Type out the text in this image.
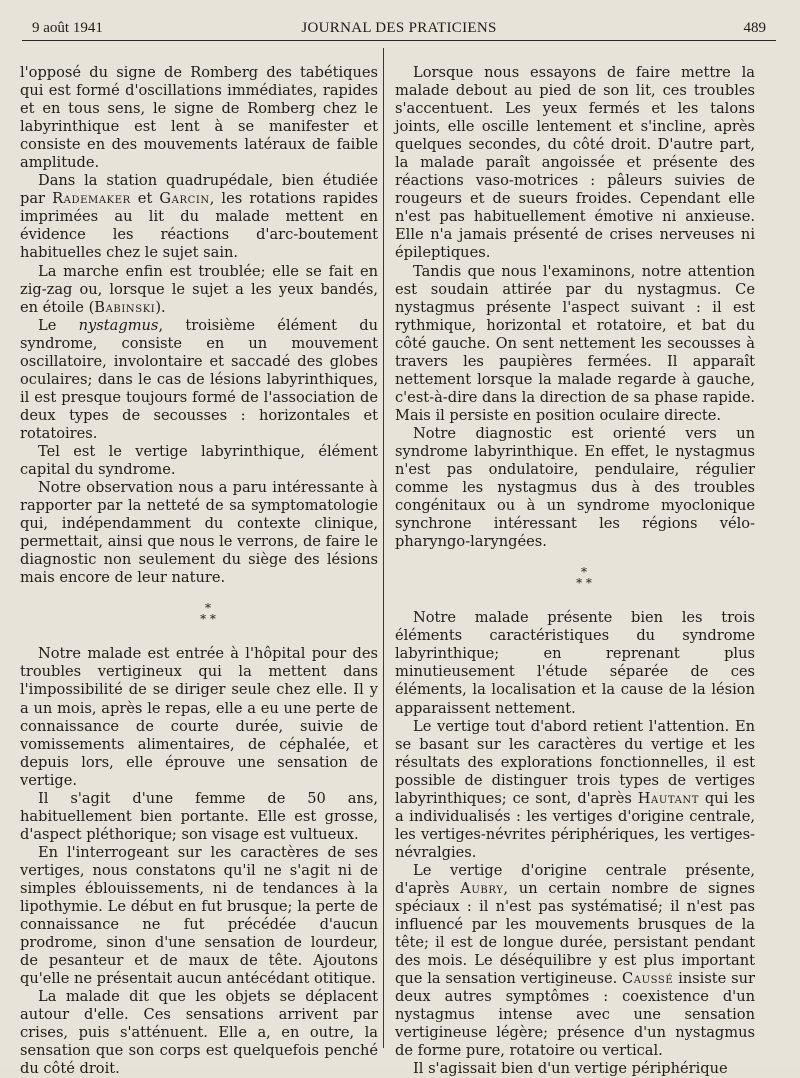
9 août 1941	JOURNAL DES PRATICIENS	489

l'opposé du signe de Romberg des tabétiques qui est formé d'oscillations immédiates, rapides et en tous sens, le signe de Romberg chez le labyrinthique est lent à se manifester et consiste en des mouvements latéraux de faible amplitude.

Dans la station quadrupédale, bien étudiée par Rademaker et Garcin, les rotations rapides imprimées au lit du malade mettent en évidence les réactions d'arc-boutement habituelles chez le sujet sain.

La marche enfin est troublée; elle se fait en zig-zag ou, lorsque le sujet a les yeux bandés, en étoile (Babinski).

Le nystagmus, troisième élément du syndrome, consiste en un mouvement oscillatoire, involontaire et saccadé des globes oculaires; dans le cas de lésions labyrinthiques, il est presque toujours formé de l'association de deux types de secousses : horizontales et rotatoires.

Tel est le vertige labyrinthique, élément capital du syndrome.

Notre observation nous a paru intéressante à rapporter par la netteté de sa symptomatologie qui, indépendamment du contexte clinique, permettait, ainsi que nous le verrons, de faire le diagnostic non seulement du siège des lésions mais encore de leur nature.

*

* *

Notre malade est entrée à l'hôpital pour des troubles vertigineux qui la mettent dans l'impossibilité de se diriger seule chez elle. Il y a un mois, après le repas, elle a eu une perte de connaissance de courte durée, suivie de vomissements alimentaires, de céphalée, et depuis lors, elle éprouve une sensation de vertige.

Il s'agit d'une femme de 50 ans, habituellement bien portante. Elle est grosse, d'aspect pléthorique; son visage est vultueux.

En l'interrogeant sur les caractères de ses vertiges, nous constatons qu'il ne s'agit ni de simples éblouissements, ni de tendances à la lipothymie. Le début en fut brusque; la perte de connaissance ne fut précédée d'aucun prodrome, sinon d'une sensation de lourdeur, de pesanteur et de maux de tête. Ajoutons qu'elle ne présentait aucun antécédant otitique.

La malade dit que les objets se déplacent autour d'elle. Ces sensations arrivent par crises, puis s'atténuent. Elle a, en outre, la sensation que son corps est quelquefois penché du côté droit.

Lorsque nous essayons de faire mettre la malade debout au pied de son lit, ces troubles s'accentuent. Les yeux fermés et les talons joints, elle oscille lentement et s'incline, après quelques secondes, du côté droit. D'autre part, la malade paraît angoissée et présente des réactions vaso-motrices : pâleurs suivies de rougeurs et de sueurs froides. Cependant elle n'est pas habituellement émotive ni anxieuse. Elle n'a jamais présenté de crises nerveuses ni épileptiques.

Tandis que nous l'examinons, notre attention est soudain attirée par du nystagmus. Ce nystagmus présente l'aspect suivant : il est rythmique, horizontal et rotatoire, et bat du côté gauche. On sent nettement les secousses à travers les paupières fermées. Il apparaît nettement lorsque la malade regarde à gauche, c'est-à-dire dans la direction de sa phase rapide. Mais il persiste en position oculaire directe.

Notre diagnostic est orienté vers un syndrome labyrinthique. En effet, le nystagmus n'est pas ondulatoire, pendulaire, régulier comme les nystagmus dus à des troubles congénitaux ou à un syndrome myoclonique synchrone intéressant les régions vélo-pharyngo-laryngées.

*

* *

Notre malade présente bien les trois éléments caractéristiques du syndrome labyrinthique; en reprenant plus minutieusement l'étude séparée de ces éléments, la localisation et la cause de la lésion apparaissent nettement.

Le vertige tout d'abord retient l'attention. En se basant sur les caractères du vertige et les résultats des explorations fonctionnelles, il est possible de distinguer trois types de vertiges labyrinthiques; ce sont, d'après Hautant qui les a individualisés : les vertiges d'origine centrale, les vertiges-névrites périphériques, les vertiges-névralgies.

Le vertige d'origine centrale présente, d'après Aubry, un certain nombre de signes spéciaux : il n'est pas systématisé; il n'est pas influencé par les mouvements brusques de la tête; il est de longue durée, persistant pendant des mois. Le déséquilibre y est plus important que la sensation vertigineuse. Caussé insiste sur deux autres symptômes : coexistence d'un nystagmus intense avec une sensation vertigineuse légère; présence d'un nystagmus de forme pure, rotatoire ou vertical.

Il s'agissait bien d'un vertige périphérique
